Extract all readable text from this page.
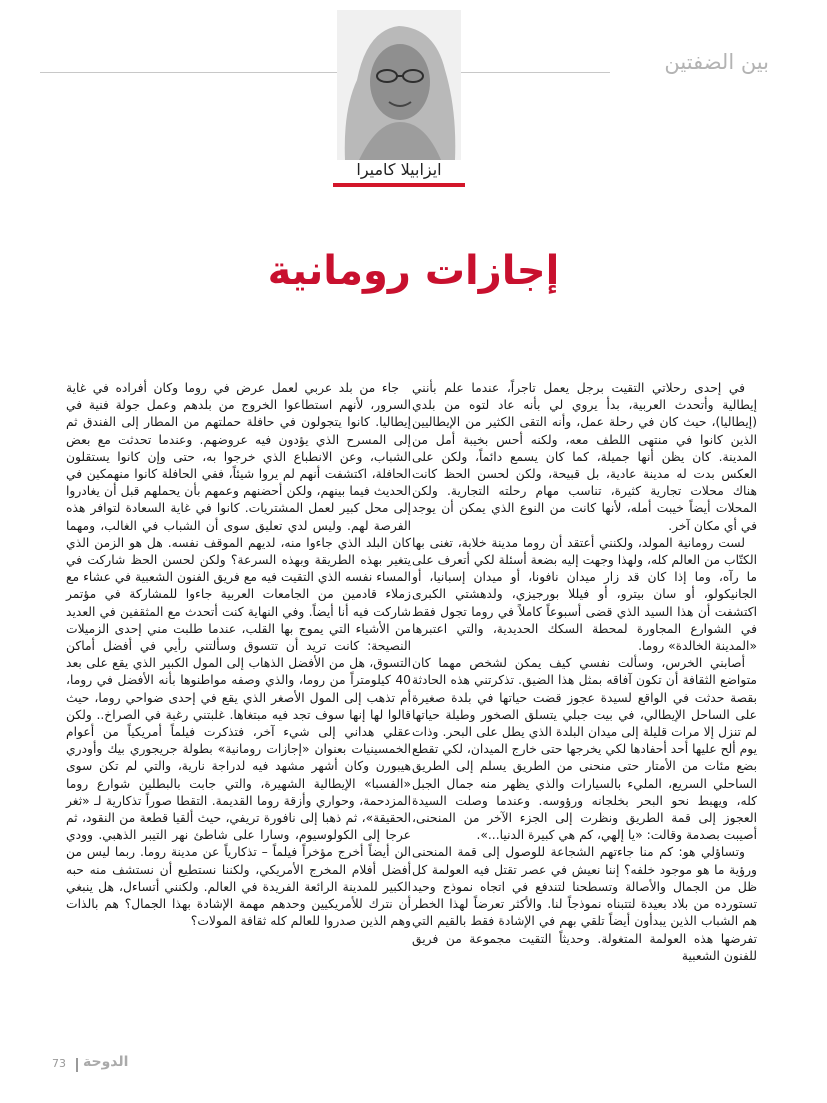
بين الضفتين
ايزابيلا كاميرا
إجازات رومانية

في إحدى رحلاتي التقيت برجل يعمل تاجراً، عندما علم بأنني إيطالية وأتحدث العربية، بدأ يروي لي بأنه عاد لتوه من بلدي (إيطاليا)، حيث كان في رحلة عمل، وأنه التقى الكثير من الإيطاليين الذين كانوا في منتهى اللطف معه، ولكنه أحس بخيبة أمل من المدينة. كان يظن أنها جميلة، كما كان يسمع دائماً، ولكن على العكس بدت له مدينة عادية، بل قبيحة، ولكن لحسن الحظ كانت هناك محلات تجارية كثيرة، تناسب مهام رحلته التجارية. ولكن المحلات أيضاً خيبت أمله، لأنها كانت من النوع الذي يمكن أن يوجد في أي مكان آخر.

لست رومانية المولد، ولكنني أعتقد أن روما مدينة خلابة، تغنى بها الكتّاب من العالم كله، ولهذا وجهت إليه بضعة أسئلة لكي أتعرف على ما رآه، وما إذا كان قد زار ميدان نافونا، أو ميدان إسبانيا، أو الجانيكولو، أو سان بيترو، أو فيللا بورجيزي، ولدهشتي الكبرى اكتشفت أن هذا السيد الذي قضى أسبوعاً كاملاً في روما تجول فقط في الشوارع المجاورة لمحطة السكك الحديدية، والتي اعتبرها «المدينة الخالدة» روما.

أصابني الخرس، وسألت نفسي كيف يمكن لشخص مهما كان متواضع الثقافة أن تكون آفاقه بمثل هذا الضيق. تذكرتني هذه الحادثة بقصة حدثت في الواقع لسيدة عجوز قضت حياتها في بلدة صغيرة على الساحل الإيطالي، في بيت جبلي يتسلق الصخور وطيلة حياتها لم تنزل إلا مرات قليلة إلى ميدان البلدة الذي يطل على البحر. وذات يوم ألح عليها أحد أحفادها لكي يخرجها حتى خارج الميدان، لكي تقطع بضع مئات من الأمتار حتى منحنى من الطريق يسلم إلى الطريق الساحلي السريع، المليء بالسيارات والذي يظهر منه جمال الجبل كله، ويهبط نحو البحر بخلجانه ورؤوسه. وعندما وصلت السيدة العجوز إلى قمة الطريق ونظرت إلى الجزء الآخر من المنحنى، أصيبت بصدمة وقالت: «يا إلهي، كم هي كبيرة الدنيا...».

وتساؤلي هو: كم منا جاءتهم الشجاعة للوصول إلى قمة المنحنى ورؤية ما هو موجود خلفه؟ إننا نعيش في عصر تقتل فيه العولمة كل ظل من الجمال والأصالة وتسطحنا لتندفع في اتجاه نموذج وحيد تستورده من بلاد بعيدة لتتبناه نموذجاً لنا. والأكثر تعرضاً لهذا الخطر هم الشباب الذين يبدأون أيضاً تلقي بهم في الإشادة فقط بالقيم التي تفرضها هذه العولمة المتغولة. وحديثاً التقيت مجموعة من فريق للفنون الشعبية

جاء من بلد عربي لعمل عرض في روما وكان أفراده في غاية السرور، لأنهم استطاعوا الخروج من بلدهم وعمل جولة فنية في إيطاليا. كانوا يتجولون في حافلة حملتهم من المطار إلى الفندق ثم إلى المسرح الذي يؤدون فيه عروضهم. وعندما تحدثت مع بعض الشباب، وعن الانطباع الذي خرجوا به، حتى وإن كانوا يستقلون الحافلة، اكتشفت أنهم لم يروا شيئاً، ففي الحافلة كانوا منهمكين في الحديث فيما بينهم، ولكن أحضنهم وعمهم بأن يحملهم قبل أن يغادروا إلى محل كبير لعمل المشتريات. كانوا في غاية السعادة لتوافر هذه الفرصة لهم. وليس لدي تعليق سوى أن الشباب في الغالب، ومهما كان البلد الذي جاءوا منه، لديهم الموقف نفسه. هل هو الزمن الذي يتغير بهذه الطريقة وبهذه السرعة؟ ولكن لحسن الحظ شاركت في المساء نفسه الذي التقيت فيه مع فريق الفنون الشعبية في عشاء مع زملاء قادمين من الجامعات العربية جاءوا للمشاركة في مؤتمر شاركت فيه أنا أيضاً. وفي النهاية كنت أتحدث مع المثقفين في العديد من الأشياء التي يموج بها القلب، عندما طلبت مني إحدى الزميلات النصيحة: كانت تريد أن تتسوق وسألتني رأيي في أفضل أماكن التسوق، هل من الأفضل الذهاب إلى المول الكبير الذي يقع على بعد 40 كيلومتراً من روما، والذي وصفه مواطنوها بأنه الأفضل في روما، أم تذهب إلى المول الأصغر الذي يقع في إحدى ضواحي روما، حيث قالوا لها إنها سوف تجد فيه مبتغاها. غلبتني رغبة في الصراخ.. ولكن عقلي هداني إلى شيء آخر، فتذكرت فيلماً أمريكياً من أعوام الخمسينيات بعنوان «إجازات رومانية» بطولة جريجوري بيك وأودري هيبورن وكان أشهر مشهد فيه لدراجة نارية، والتي لم تكن سوى «الفسبا» الإيطالية الشهيرة، والتي جابت بالبطلين شوارع روما المزدحمة، وحواري وأزقة روما القديمة. التقطا صوراً تذكارية لـ «ثغر الحقيقة»، ثم ذهبا إلى نافورة تريفي، حيث ألقيا قطعة من النقود، ثم عرجا إلى الكولوسيوم، وسارا على شاطئ نهر التيبر الذهبي. وودي الن أيضاً أخرج مؤخراً فيلماً – تذكارياً عن مدينة روما. ربما ليس من أفضل أفلام المخرج الأمريكي، ولكننا نستطيع أن نستشف منه حبه الكبير للمدينة الرائعة الفريدة في العالم. ولكنني أتساءل، هل ينبغي أن نترك للأمريكيين وحدهم مهمة الإشادة بهذا الجمال؟ هم بالذات وهم الذين صدروا للعالم كله ثقافة المولات؟

73 الدوحة
